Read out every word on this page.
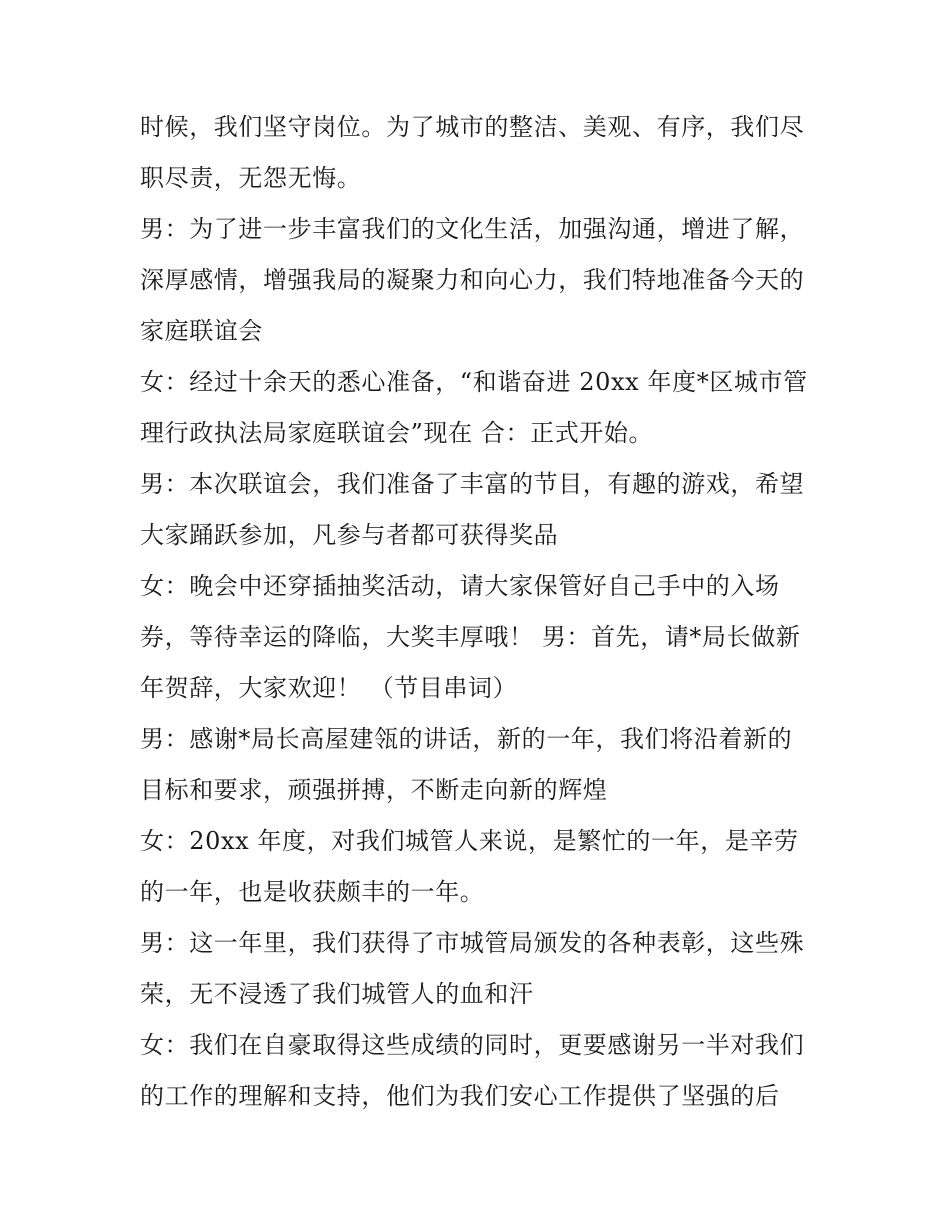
时候，我们坚守岗位。为了城市的整洁、美观、有序，我们尽
职尽责，无怨无悔。
男：为了进一步丰富我们的文化生活，加强沟通，增进了解，
深厚感情，增强我局的凝聚力和向心力，我们特地准备今天的
家庭联谊会
女：经过十余天的悉心准备，“和谐奋进 20xx 年度*区城市管
理行政执法局家庭联谊会”现在 合：正式开始。
男：本次联谊会，我们准备了丰富的节目，有趣的游戏，希望
大家踊跃参加，凡参与者都可获得奖品
女：晚会中还穿插抽奖活动，请大家保管好自己手中的入场
券，等待幸运的降临，大奖丰厚哦！ 男：首先，请*局长做新
年贺辞，大家欢迎！ （节目串词）
男：感谢*局长高屋建瓴的讲话，新的一年，我们将沿着新的
目标和要求，顽强拼搏，不断走向新的辉煌
女：20xx 年度，对我们城管人来说，是繁忙的一年，是辛劳
的一年，也是收获颇丰的一年。
男：这一年里，我们获得了市城管局颁发的各种表彰，这些殊
荣，无不浸透了我们城管人的血和汗
女：我们在自豪取得这些成绩的同时，更要感谢另一半对我们
的工作的理解和支持，他们为我们安心工作提供了坚强的后
